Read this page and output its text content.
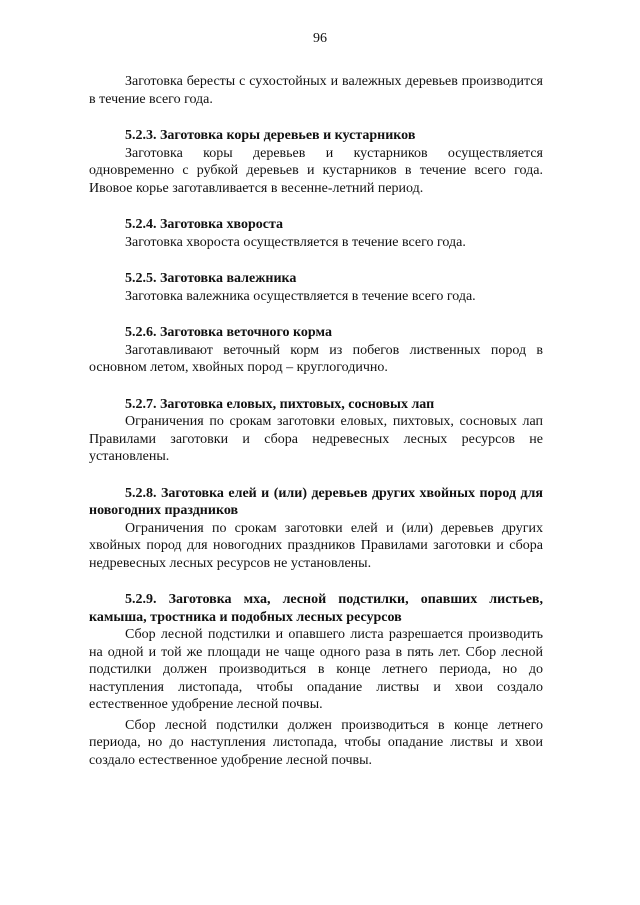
96
Заготовка бересты с сухостойных и валежных деревьев производится в течение всего года.
5.2.3. Заготовка коры деревьев и кустарников
Заготовка коры деревьев и кустарников осуществляется одновременно с рубкой деревьев и кустарников в течение всего года. Ивовое корье заготавливается в весенне-летний период.
5.2.4. Заготовка хвороста
Заготовка хвороста осуществляется в течение всего года.
5.2.5. Заготовка валежника
Заготовка валежника осуществляется в течение всего года.
5.2.6. Заготовка веточного корма
Заготавливают веточный корм из побегов лиственных пород в основном летом, хвойных пород – круглогодично.
5.2.7. Заготовка еловых, пихтовых, сосновых лап
Ограничения по срокам заготовки еловых, пихтовых, сосновых лап Правилами заготовки и сбора недревесных лесных ресурсов не установлены.
5.2.8. Заготовка елей и (или) деревьев других хвойных пород для новогодних праздников
Ограничения по срокам заготовки елей и (или) деревьев других хвойных пород для новогодних праздников Правилами заготовки и сбора недревесных лесных ресурсов не установлены.
5.2.9. Заготовка мха, лесной подстилки, опавших листьев, камыша, тростника и подобных лесных ресурсов
Сбор лесной подстилки и опавшего листа разрешается производить на одной и той же площади не чаще одного раза в пять лет. Сбор лесной подстилки должен производиться в конце летнего периода, но до наступления листопада, чтобы опадание листвы и хвои создало естественное удобрение лесной почвы.
Сбор лесной подстилки должен производиться в конце летнего периода, но до наступления листопада, чтобы опадание листвы и хвои создало естественное удобрение лесной почвы.
